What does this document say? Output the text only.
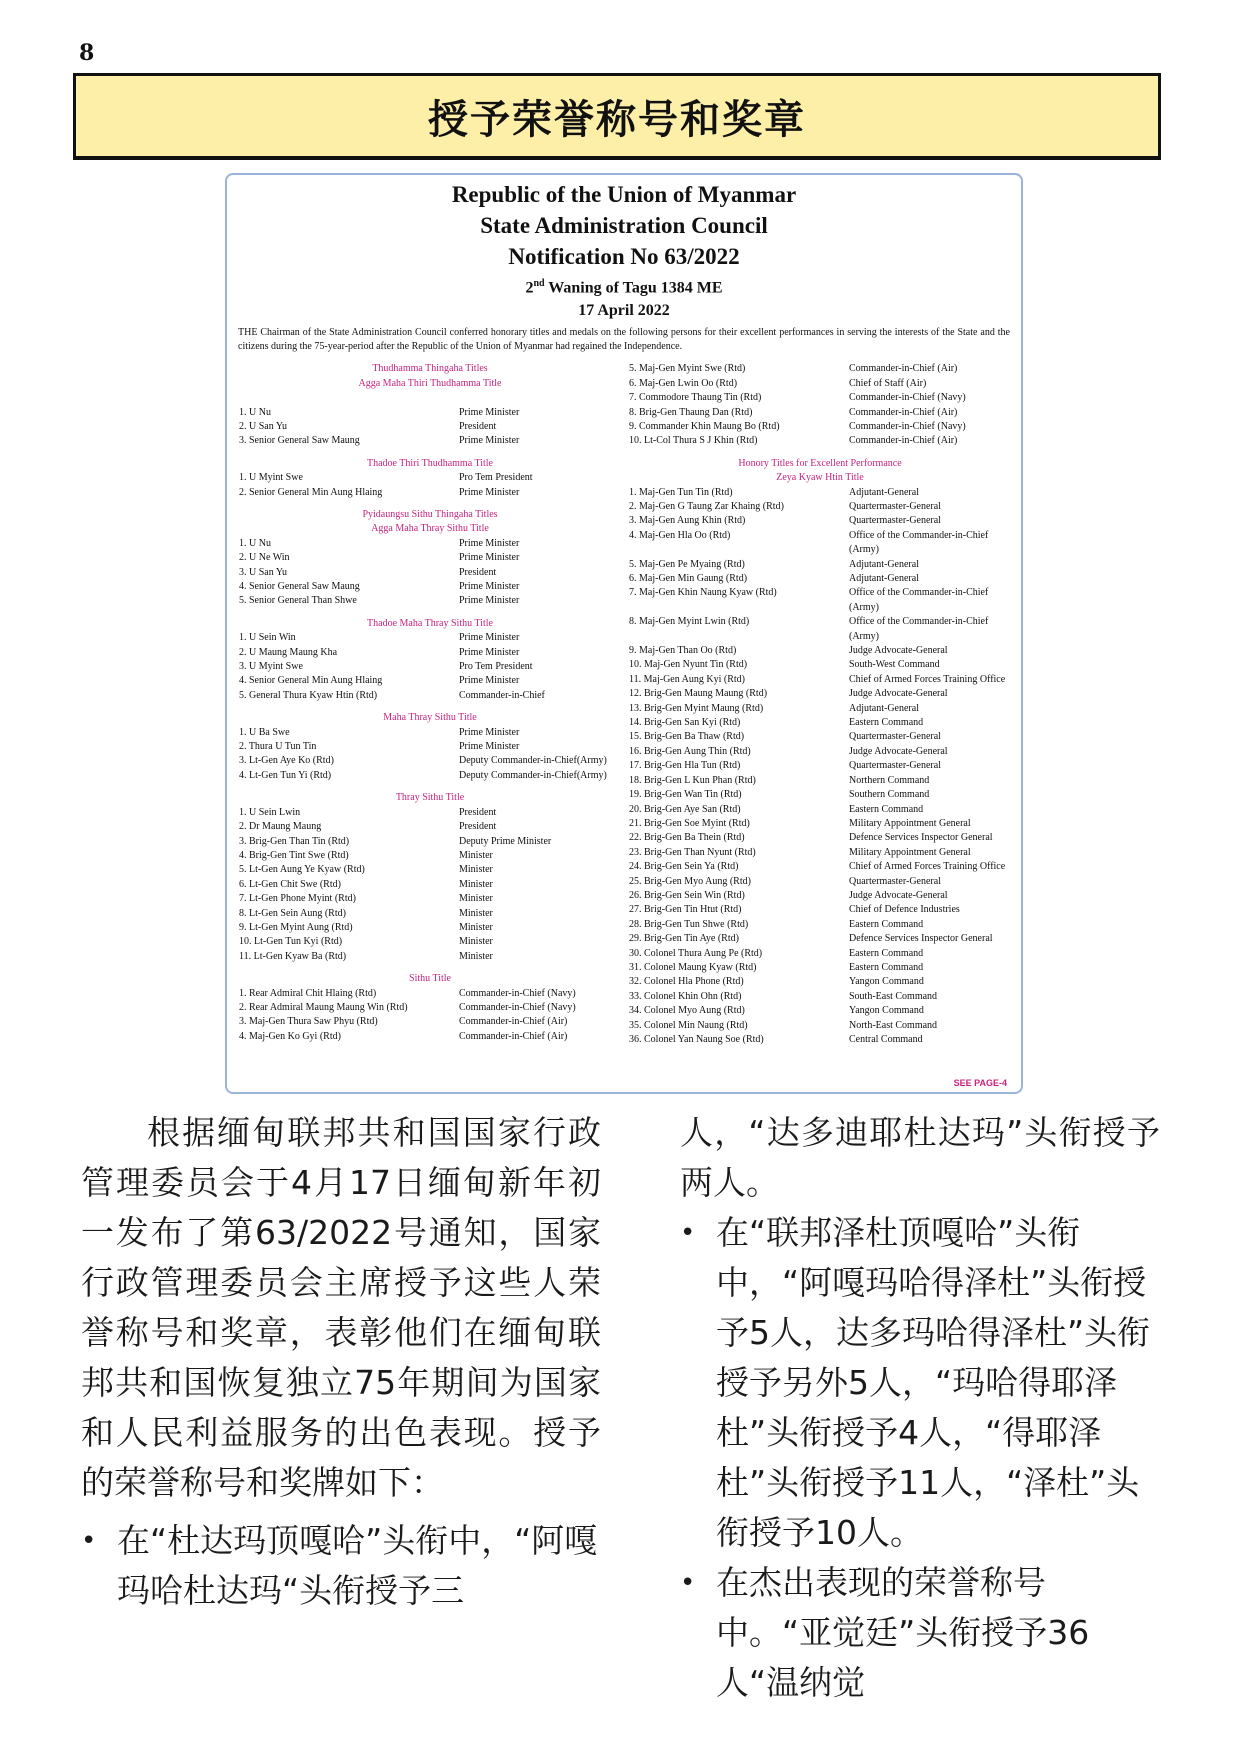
8
授予荣誉称号和奖章
Republic of the Union of Myanmar
State Administration Council
Notification No 63/2022
2nd Waning of Tagu 1384 ME
17 April 2022
THE Chairman of the State Administration Council conferred honorary titles and medals on the following persons for their excellent performances in serving the interests of the State and the citizens during the 75-year-period after the Republic of the Union of Myanmar had regained the Independence.
Thudhamma Thingaha Titles
Agga Maha Thiri Thudhamma Title
1. U Nu	Prime Minister
2. U San Yu	President
3. Senior General Saw Maung	Prime Minister
Thadoe Thiri Thudhamma Title
1. U Myint Swe	Pro Tem President
2. Senior General Min Aung Hlaing	Prime Minister
Pyidaungsu Sithu Thingaha Titles
Agga Maha Thray Sithu Title
1. U Nu	Prime Minister
2. U Ne Win	Prime Minister
3. U San Yu	President
4. Senior General Saw Maung	Prime Minister
5. Senior General Than Shwe	Prime Minister
Thadoe Maha Thray Sithu Title
1. U Sein Win	Prime Minister
2. U Maung Maung Kha	Prime Minister
3. U Myint Swe	Pro Tem President
4. Senior General Min Aung Hlaing	Prime Minister
5. General Thura Kyaw Htin (Rtd)	Commander-in-Chief
Maha Thray Sithu Title
1. U Ba Swe	Prime Minister
2. Thura U Tun Tin	Prime Minister
3. Lt-Gen Aye Ko (Rtd)	Deputy Commander-in-Chief(Army)
4. Lt-Gen Tun Yi (Rtd)	Deputy Commander-in-Chief(Army)
Thray Sithu Title
1. U Sein Lwin	President
2. Dr Maung Maung	President
3. Brig-Gen Than Tin (Rtd)	Deputy Prime Minister
4. Brig-Gen Tint Swe (Rtd)	Minister
5. Lt-Gen Aung Ye Kyaw (Rtd)	Minister
6. Lt-Gen Chit Swe (Rtd)	Minister
7. Lt-Gen Phone Myint (Rtd)	Minister
8. Lt-Gen Sein Aung (Rtd)	Minister
9. Lt-Gen Myint Aung (Rtd)	Minister
10. Lt-Gen Tun Kyi (Rtd)	Minister
11. Lt-Gen Kyaw Ba (Rtd)	Minister
Sithu Title
1. Rear Admiral Chit Hlaing (Rtd)	Commander-in-Chief (Navy)
2. Rear Admiral Maung Maung Win (Rtd)	Commander-in-Chief (Navy)
3. Maj-Gen Thura Saw Phyu (Rtd)	Commander-in-Chief (Air)
4. Maj-Gen Ko Gyi (Rtd)	Commander-in-Chief (Air)
5. Maj-Gen Myint Swe (Rtd)	Commander-in-Chief (Air)
6. Maj-Gen Lwin Oo (Rtd)	Chief of Staff (Air)
7. Commodore Thaung Tin (Rtd)	Commander-in-Chief (Navy)
8. Brig-Gen Thaung Dan (Rtd)	Commander-in-Chief (Air)
9. Commander Khin Maung Bo (Rtd)	Commander-in-Chief (Navy)
10. Lt-Col Thura S J Khin (Rtd)	Commander-in-Chief (Air)
Honory Titles for Excellent Performance
Zeya Kyaw Htin Title
1. Maj-Gen Tun Tin (Rtd)	Adjutant-General
2. Maj-Gen G Taung Zar Khaing (Rtd)	Quartermaster-General
3. Maj-Gen Aung Khin (Rtd)	Quartermaster-General
4. Maj-Gen Hla Oo (Rtd)	Office of the Commander-in-Chief (Army)
5. Maj-Gen Pe Myaing (Rtd)	Adjutant-General
6. Maj-Gen Min Gaung (Rtd)	Adjutant-General
7. Maj-Gen Khin Naung Kyaw (Rtd)	Office of the Commander-in-Chief (Army)
8. Maj-Gen Myint Lwin (Rtd)	Office of the Commander-in-Chief (Army)
9. Maj-Gen Than Oo (Rtd)	Judge Advocate-General
10. Maj-Gen Nyunt Tin (Rtd)	South-West Command
11. Maj-Gen Aung Kyi (Rtd)	Chief of Armed Forces Training Office
12. Brig-Gen Maung Maung (Rtd)	Judge Advocate-General
13. Brig-Gen Myint Maung (Rtd)	Adjutant-General
14. Brig-Gen San Kyi (Rtd)	Eastern Command
15. Brig-Gen Ba Thaw (Rtd)	Quartermaster-General
16. Brig-Gen Aung Thin (Rtd)	Judge Advocate-General
17. Brig-Gen Hla Tun (Rtd)	Quartermaster-General
18. Brig-Gen L Kun Phan (Rtd)	Northern Command
19. Brig-Gen Wan Tin (Rtd)	Southern Command
20. Brig-Gen Aye San (Rtd)	Eastern Command
21. Brig-Gen Soe Myint (Rtd)	Military Appointment General
22. Brig-Gen Ba Thein (Rtd)	Defence Services Inspector General
23. Brig-Gen Than Nyunt (Rtd)	Military Appointment General
24. Brig-Gen Sein Ya (Rtd)	Chief of Armed Forces Training Office
25. Brig-Gen Myo Aung (Rtd)	Quartermaster-General
26. Brig-Gen Sein Win (Rtd)	Judge Advocate-General
27. Brig-Gen Tin Htut (Rtd)	Chief of Defence Industries
28. Brig-Gen Tun Shwe (Rtd)	Eastern Command
29. Brig-Gen Tin Aye (Rtd)	Defence Services Inspector General
30. Colonel Thura Aung Pe (Rtd)	Eastern Command
31. Colonel Maung Kyaw (Rtd)	Eastern Command
32. Colonel Hla Phone (Rtd)	Yangon Command
33. Colonel Khin Ohn (Rtd)	South-East Command
34. Colonel Myo Aung (Rtd)	Yangon Command
35. Colonel Min Naung (Rtd)	North-East Command
36. Colonel Yan Naung Soe (Rtd)	Central Command
SEE PAGE-4

根据缅甸联邦共和国国家行政管理委员会于4月17日缅甸新年初一发布了第63/2022号通知，国家行政管理委员会主席授予这些人荣誉称号和奖章，表彰他们在缅甸联邦共和国恢复独立75年期间为国家和人民利益服务的出色表现。授予的荣誉称号和奖牌如下：

• 在“杜达玛顶嘎哈”头衔中，“阿嘎玛哈杜达玛“头衔授予三

人，“达多迪耶杜达玛”头衔授予两人。

• 在“联邦泽杜顶嘎哈”头衔中，“阿嘎玛哈得泽杜”头衔授予5人，达多玛哈得泽杜”头衔授予另外5人，“玛哈得耶泽杜”头衔授予4人，“得耶泽杜”头衔授予11人，“泽杜”头衔授予10人。

• 在杰出表现的荣誉称号中。“亚觉廷”头衔授予36人“温纳觉
